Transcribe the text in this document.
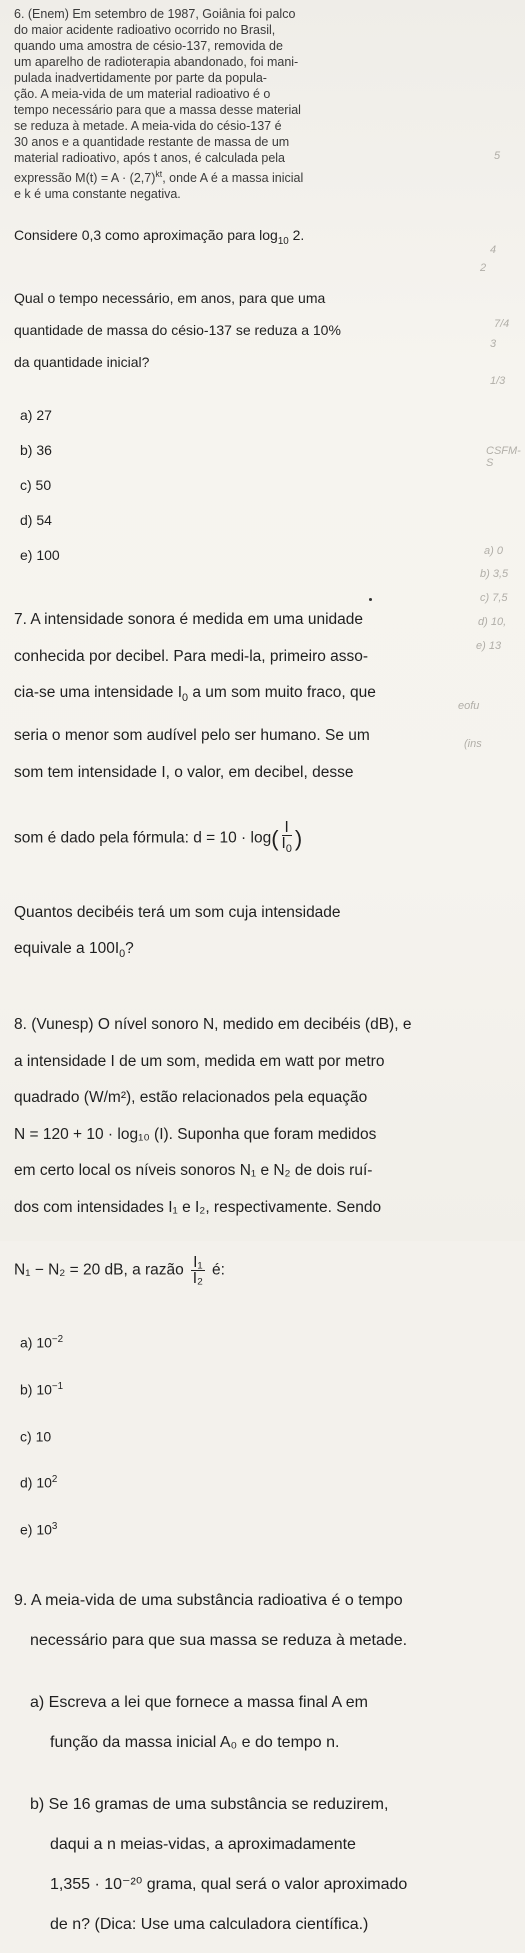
6. (Enem) Em setembro de 1987, Goiânia foi palco

do maior acidente radioativo ocorrido no Brasil,

quando uma amostra de césio-137, removida de

um aparelho de radioterapia abandonado, foi mani-

pulada inadvertidamente por parte da popula-

ção. A meia-vida de um material radioativo é o

tempo necessário para que a massa desse material

se reduza à metade. A meia-vida do césio-137 é

30 anos e a quantidade restante de massa de um

material radioativo, após t anos, é calculada pela

expressão $M(t) = A \cdot (2,7)^{kt}$, onde A é a massa inicial

e k é uma constante negativa.

Considere 0,3 como aproximação para $\log_{10} 2$.

Qual o tempo necessário, em anos, para que uma

quantidade de massa do césio-137 se reduza a 10%

da quantidade inicial?

a) 27

b) 36

c) 50

d) 54

e) 100

7. A intensidade sonora é medida em uma unidade

conhecida por decibel. Para medi-la, primeiro asso-

cia-se uma intensidade $I_0$ a um som muito fraco, que

seria o menor som audível pelo ser humano. Se um

som tem intensidade I, o valor, em decibel, desse

som é dado pela fórmula: $d = 10 \cdot \log( \frac{I}{I_0}$ )

Quantos decibéis terá um som cuja intensidade

equivale a $100I_0$?

8. (Vunesp) O nível sonoro N, medido em decibéis (dB), e

a intensidade I de um som, medida em watt por metro

quadrado (W/m²), estão relacionados pela equação

N = 120 + 10 · log₁₀ (I). Suponha que foram medidos

em certo local os níveis sonoros N₁ e N₂ de dois ruí-

dos com intensidades I₁ e I₂, respectivamente. Sendo

N₁ − N₂ = 20 dB, a razão $\frac{\text{I₁}}{\text{I₂}}$ é:

a) $10^{-2}$

b) $10^{-1}$

c) 10

d) $10^2$

e) $10^3$

9. A meia-vida de uma substância radioativa é o tempo

necessário para que sua massa se reduza à metade.

a) Escreva a lei que fornece a massa final A em

função da massa inicial A₀ e do tempo n.

b) Se 16 gramas de uma substância se reduzirem,

daqui a n meias-vidas, a aproximadamente

1,355 · 10⁻²⁰ grama, qual será o valor aproximado

de n? (Dica: Use uma calculadora científica.)

a) 0
b) 3,5
c) 7,5
d) 10,
e) 13
CSFM-S
eofu
(ins
2
3
4
5
7/4
1/3
